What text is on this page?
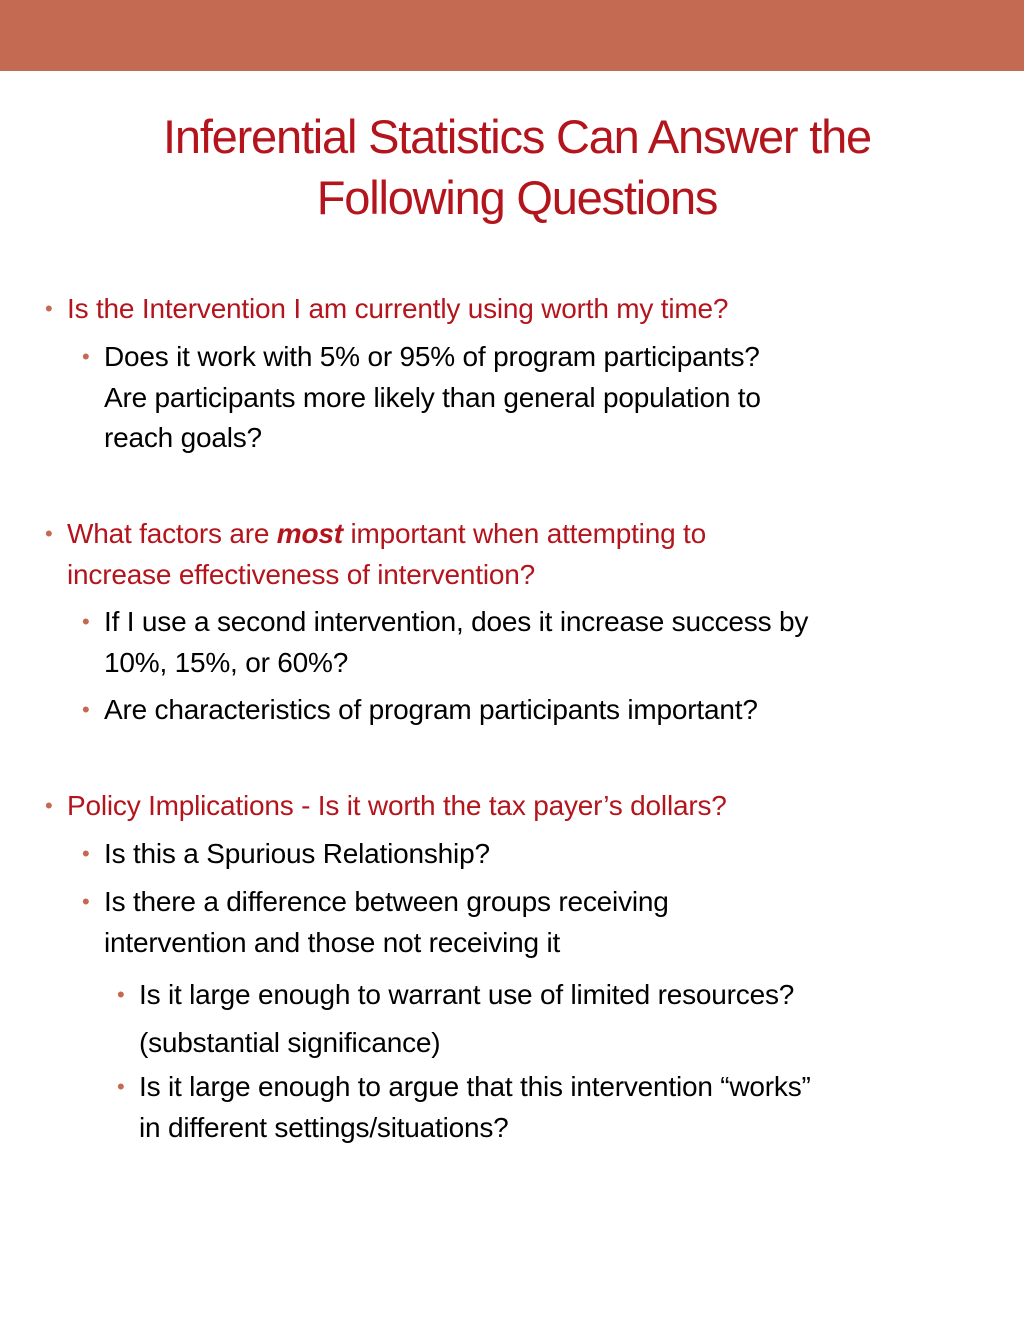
Inferential Statistics Can Answer the
Following Questions
• Is the Intervention I am currently using worth my time?
• Does it work with 5% or 95% of program participants?
Are participants more likely than general population to
reach goals?
• What factors are most important when attempting to
increase effectiveness of intervention?
• If I use a second intervention, does it increase success by
10%, 15%, or 60%?
• Are characteristics of program participants important?
• Policy Implications - Is it worth the tax payer’s dollars?
• Is this a Spurious Relationship?
• Is there a difference between groups receiving
intervention and those not receiving it
• Is it large enough to warrant use of limited resources?
(substantial significance)
• Is it large enough to argue that this intervention “works”
in different settings/situations?
